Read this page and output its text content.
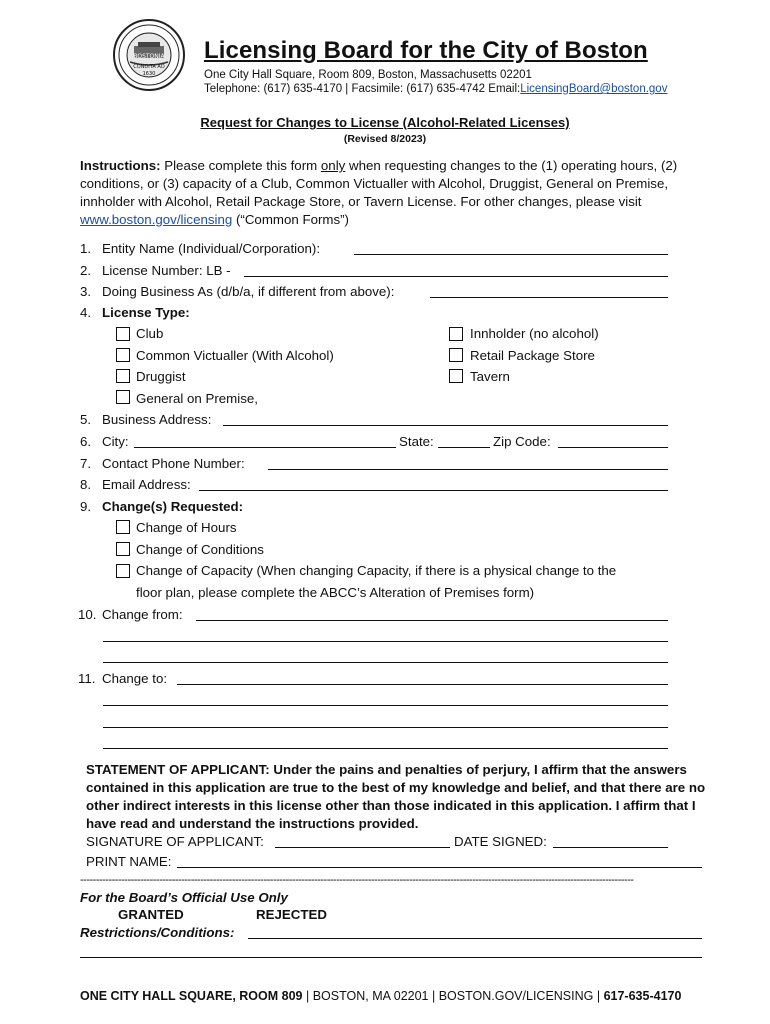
BOSTONIA
CONDITA AD
1630
Licensing Board for the City of Boston
One City Hall Square, Room 809, Boston, Massachusetts 02201
Telephone: (617) 635-4170 | Facsimile: (617) 635-4742 Email:LicensingBoard@boston.gov
Request for Changes to License (Alcohol-Related Licenses)
(Revised 8/2023)
Instructions: Please complete this form only when requesting changes to the (1) operating hours, (2) conditions, or (3) capacity of a Club, Common Victualler with Alcohol, Druggist, General on Premise, innholder with Alcohol, Retail Package Store, or Tavern License. For other changes, please visit www.boston.gov/licensing (“Common Forms”)
1. Entity Name (Individual/Corporation):
2. License Number: LB -
3. Doing Business As (d/b/a, if different from above):
4. License Type:
Club
Common Victualler (With Alcohol)
Druggist
General on Premise,
Innholder (no alcohol)
Retail Package Store
Tavern
5. Business Address:
6. City:	State:	Zip Code:
7. Contact Phone Number:
8. Email Address:
9. Change(s) Requested:
Change of Hours
Change of Conditions
Change of Capacity (When changing Capacity, if there is a physical change to the
floor plan, please complete the ABCC’s Alteration of Premises form)
10. Change from:
11. Change to:
STATEMENT OF APPLICANT: Under the pains and penalties of perjury, I affirm that the answers contained in this application are true to the best of my knowledge and belief, and that there are no other indirect interests in this license other than those indicated in this application. I affirm that I have read and understand the instructions provided.
SIGNATURE OF APPLICANT:	DATE SIGNED:
PRINT NAME:
-------------------------------------------------------------------------------------------------------------------------------------------------------------------------------
For the Board’s Official Use Only
GRANTED	REJECTED
Restrictions/Conditions:
ONE CITY HALL SQUARE, ROOM 809 | BOSTON, MA 02201 | BOSTON.GOV/LICENSING | 617-635-4170
